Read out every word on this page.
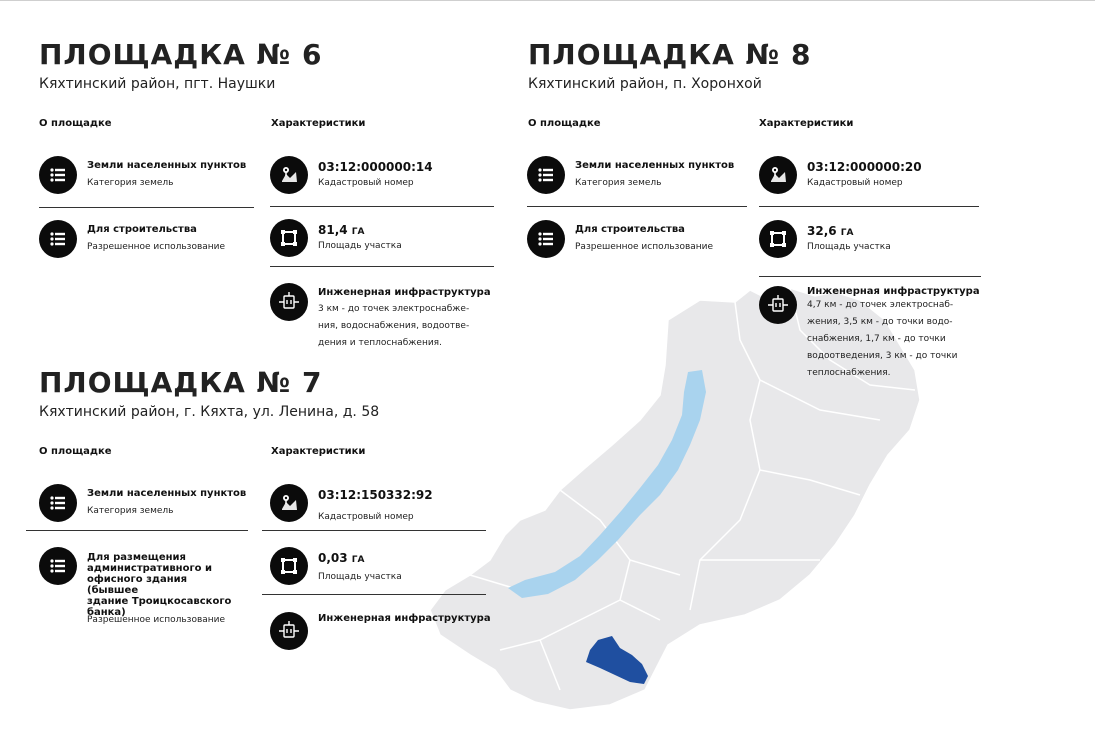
ПЛОЩАДКА № 6
Кяхтинский район, пгт. Наушки
О площадке	Характеристики
Земли населенных пунктов
Категория земель
Для строительства
Разрешенное использование
03:12:000000:14
Кадастровый номер
81,4 ГА
Площадь участка
Инженерная инфраструктура
3 км - до точек электроснабже-
ния, водоснабжения, водоотве-
дения и теплоснабжения.
ПЛОЩАДКА № 8
Кяхтинский район, п. Хоронхой
О площадке	Характеристики
Земли населенных пунктов
Категория земель
Для строительства
Разрешенное использование
03:12:000000:20
Кадастровый номер
32,6 ГА
Площадь участка
Инженерная инфраструктура
4,7 км - до точек электроснаб-
жения, 3,5 км - до точки водо-
снабжения, 1,7 км - до точки
водоотведения, 3 км - до точки
теплоснабжения.
ПЛОЩАДКА № 7
Кяхтинский район, г. Кяхта, ул. Ленина, д. 58
О площадке	Характеристики
Земли населенных пунктов
Категория земель
Для размещения
административного и
офисного здания (бывшее
здание Троицкосавского
банка)
Разрешенное использование
03:12:150332:92
Кадастровый номер
0,03 ГА
Площадь участка
Инженерная инфраструктура
